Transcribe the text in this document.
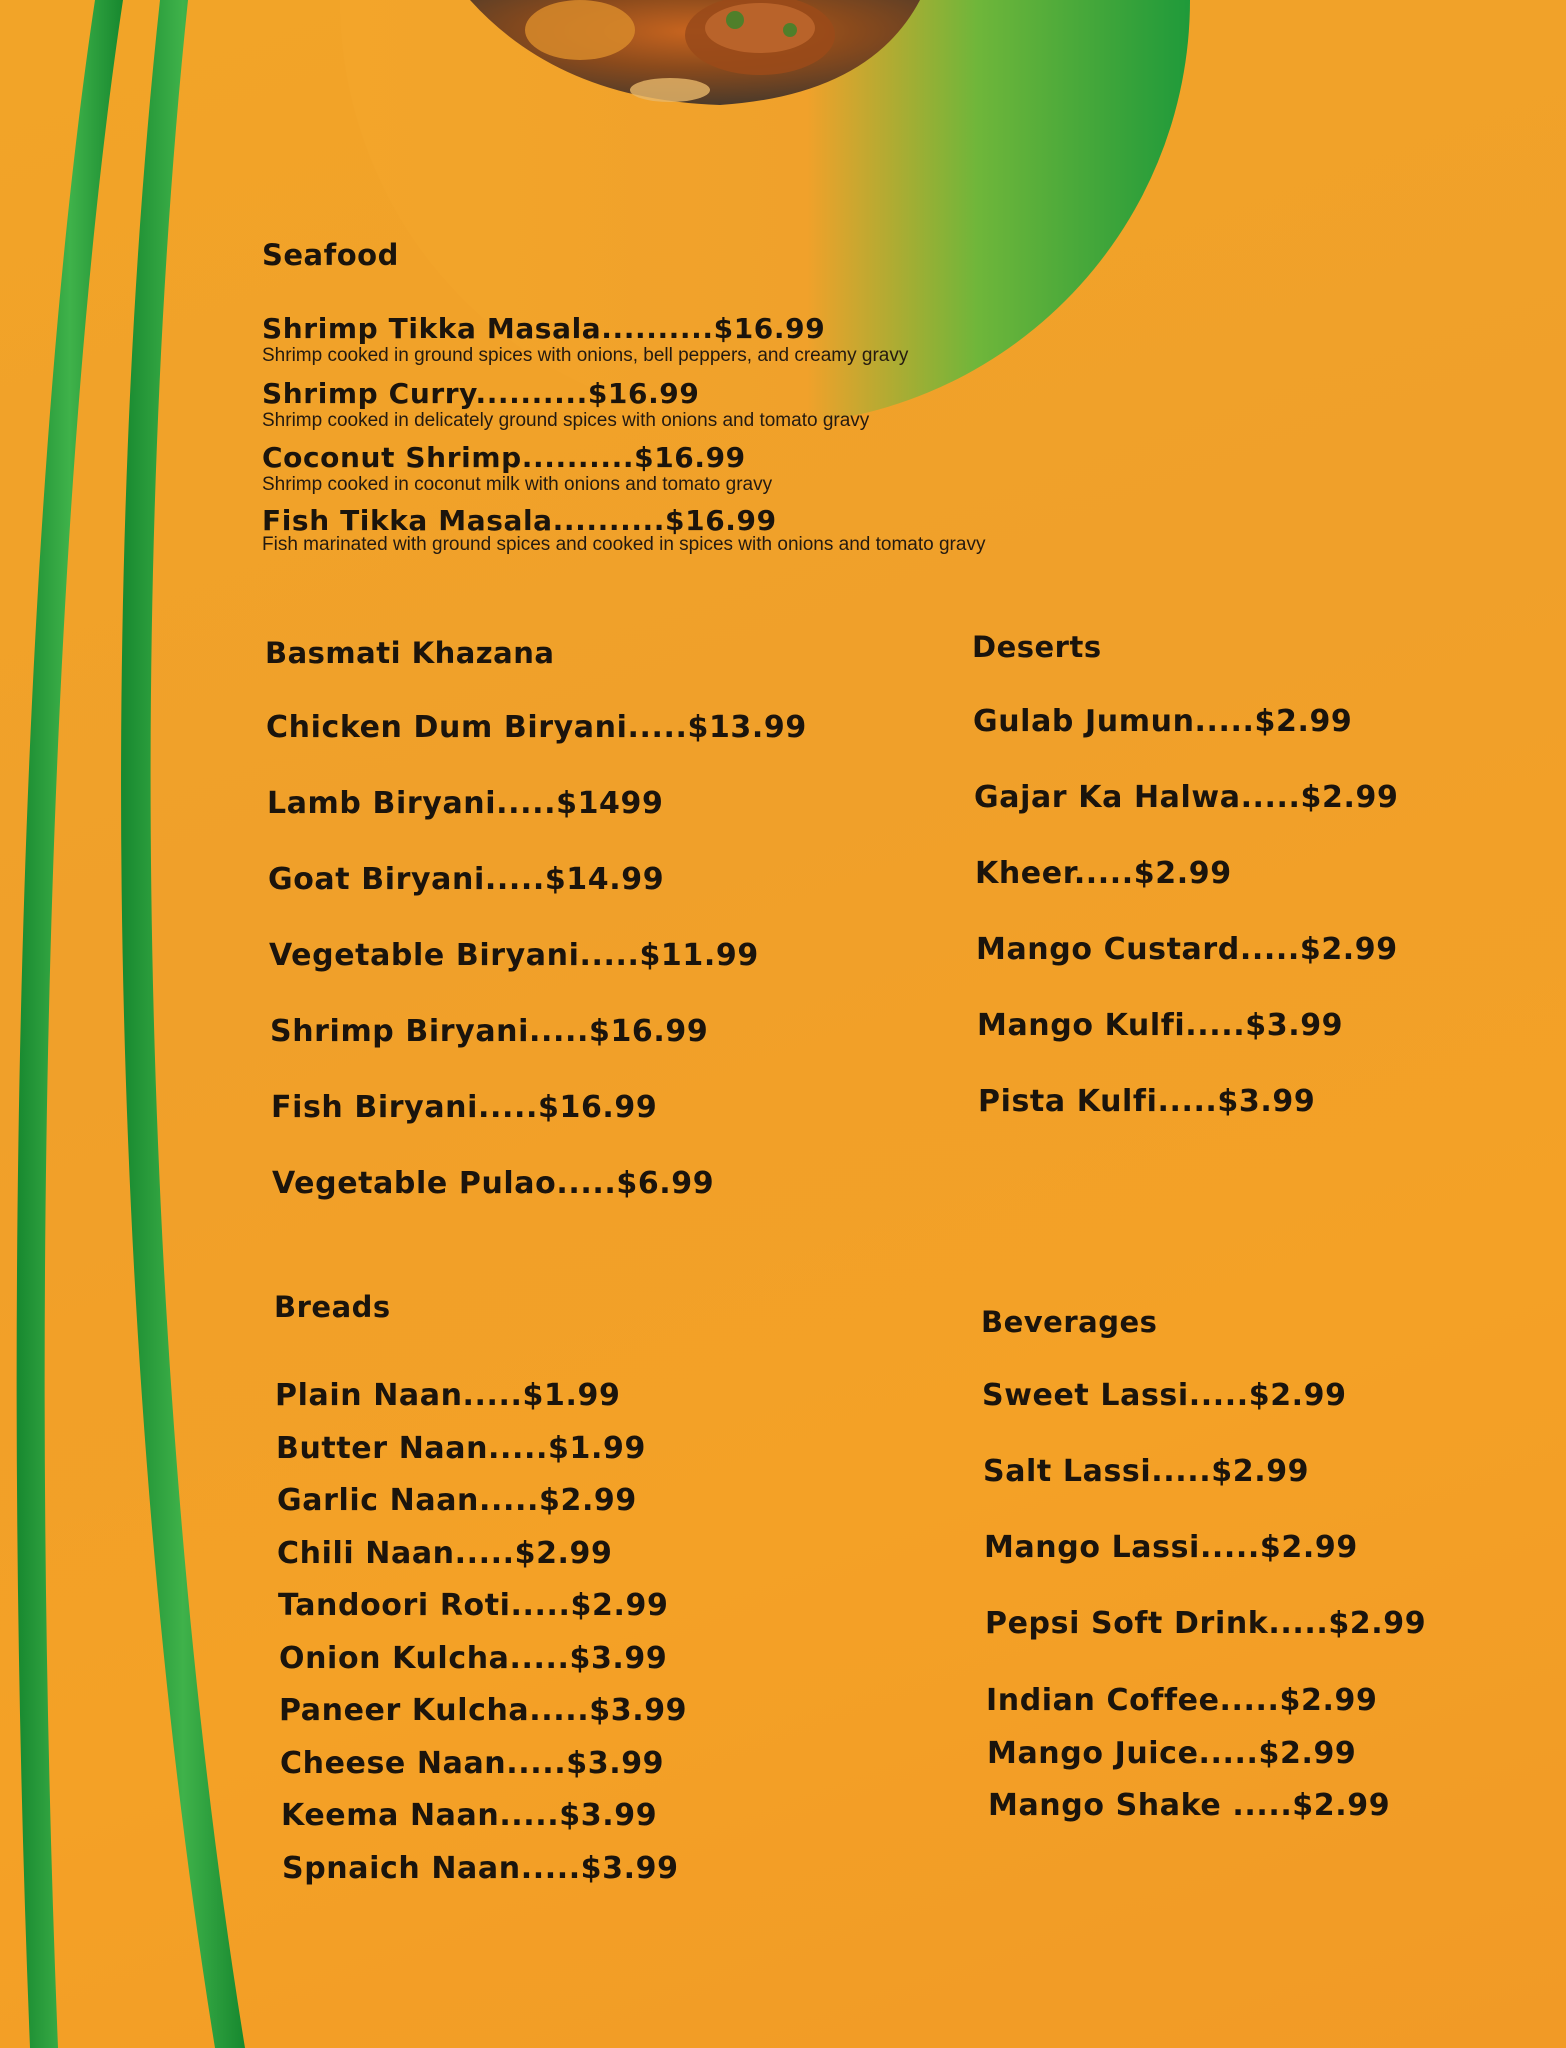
Seafood
Shrimp Tikka Masala..........$16.99
Shrimp cooked in ground spices with onions, bell peppers, and creamy gravy
Shrimp Curry..........$16.99
Shrimp cooked in delicately ground spices with onions and tomato gravy
Coconut Shrimp..........$16.99
Shrimp cooked in coconut milk with onions and tomato gravy
Fish Tikka Masala..........$16.99
Fish marinated with ground spices and cooked in spices with onions and tomato gravy
Basmati Khazana
Chicken Dum Biryani.....$13.99
Lamb Biryani.....$1499
Goat Biryani.....$14.99
Vegetable Biryani.....$11.99
Shrimp Biryani.....$16.99
Fish Biryani.....$16.99
Vegetable Pulao.....$6.99
Deserts
Gulab Jumun.....$2.99
Gajar Ka Halwa.....$2.99
Kheer.....$2.99
Mango Custard.....$2.99
Mango Kulfi.....$3.99
Pista Kulfi.....$3.99
Breads
Plain Naan.....$1.99
Butter Naan.....$1.99
Garlic Naan.....$2.99
Chili Naan.....$2.99
Tandoori Roti.....$2.99
Onion Kulcha.....$3.99
Paneer Kulcha.....$3.99
Cheese Naan.....$3.99
Keema Naan.....$3.99
Spnaich Naan.....$3.99
Beverages
Sweet Lassi.....$2.99
Salt Lassi.....$2.99
Mango Lassi.....$2.99
Pepsi Soft Drink.....$2.99
Indian Coffee.....$2.99
Mango Juice.....$2.99
Mango Shake .....$2.99
